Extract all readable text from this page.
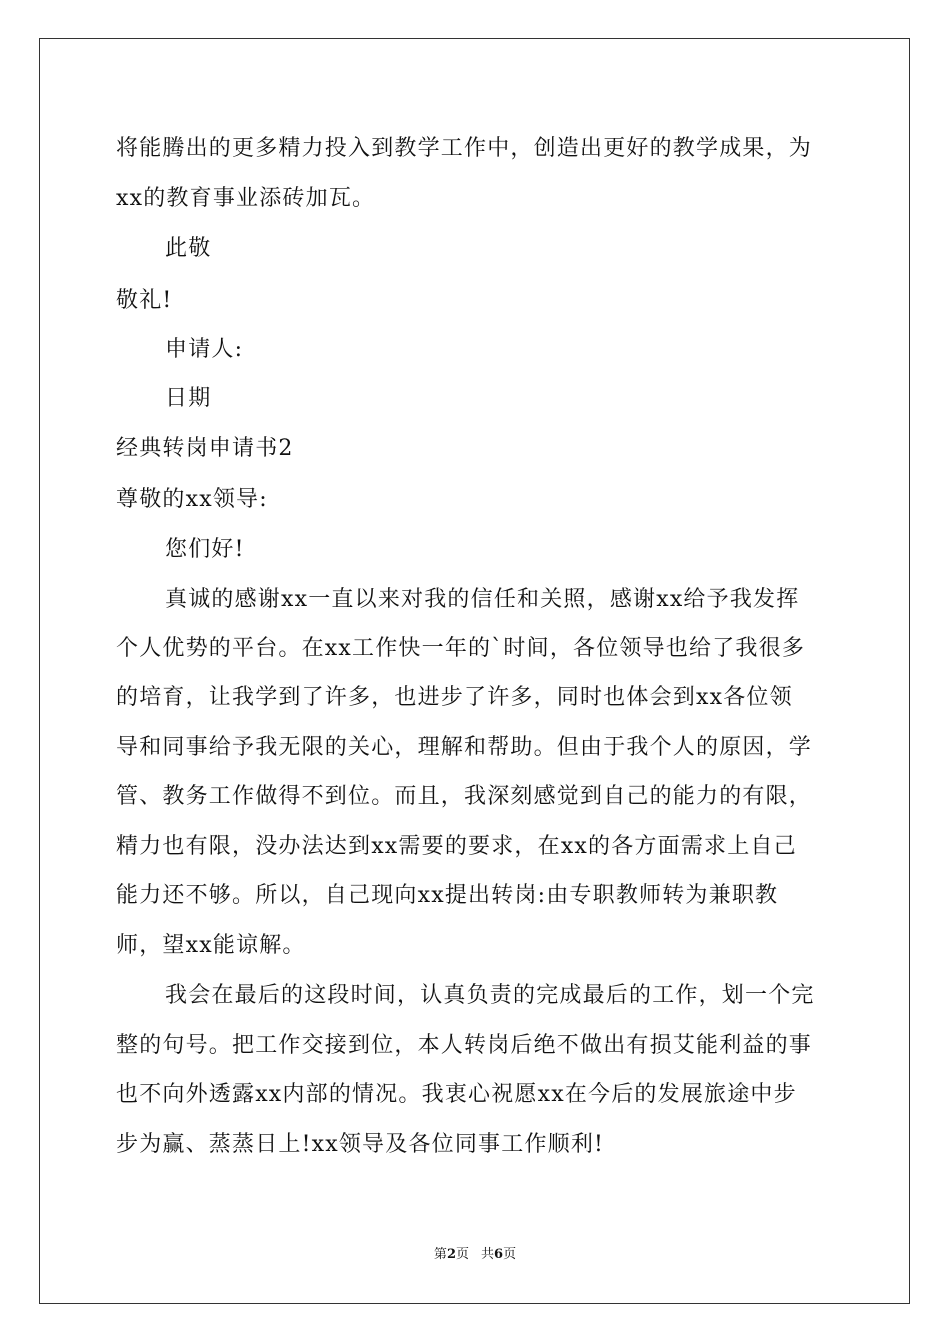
将能腾出的更多精力投入到教学工作中，创造出更好的教学成果，为
xx的教育事业添砖加瓦。
此敬
敬礼!
申请人:
日期
经典转岗申请书2
尊敬的xx领导:
您们好!
真诚的感谢xx一直以来对我的信任和关照，感谢xx给予我发挥
个人优势的平台。在xx工作快一年的`时间，各位领导也给了我很多
的培育，让我学到了许多，也进步了许多，同时也体会到xx各位领
导和同事给予我无限的关心，理解和帮助。但由于我个人的原因，学
管、教务工作做得不到位。而且，我深刻感觉到自己的能力的有限，
精力也有限，没办法达到xx需要的要求，在xx的各方面需求上自己
能力还不够。所以，自己现向xx提出转岗:由专职教师转为兼职教
师，望xx能谅解。
我会在最后的这段时间，认真负责的完成最后的工作，划一个完
整的句号。把工作交接到位，本人转岗后绝不做出有损艾能利益的事
也不向外透露xx内部的情况。我衷心祝愿xx在今后的发展旅途中步
步为赢、蒸蒸日上!xx领导及各位同事工作顺利!
第2页 共6页
